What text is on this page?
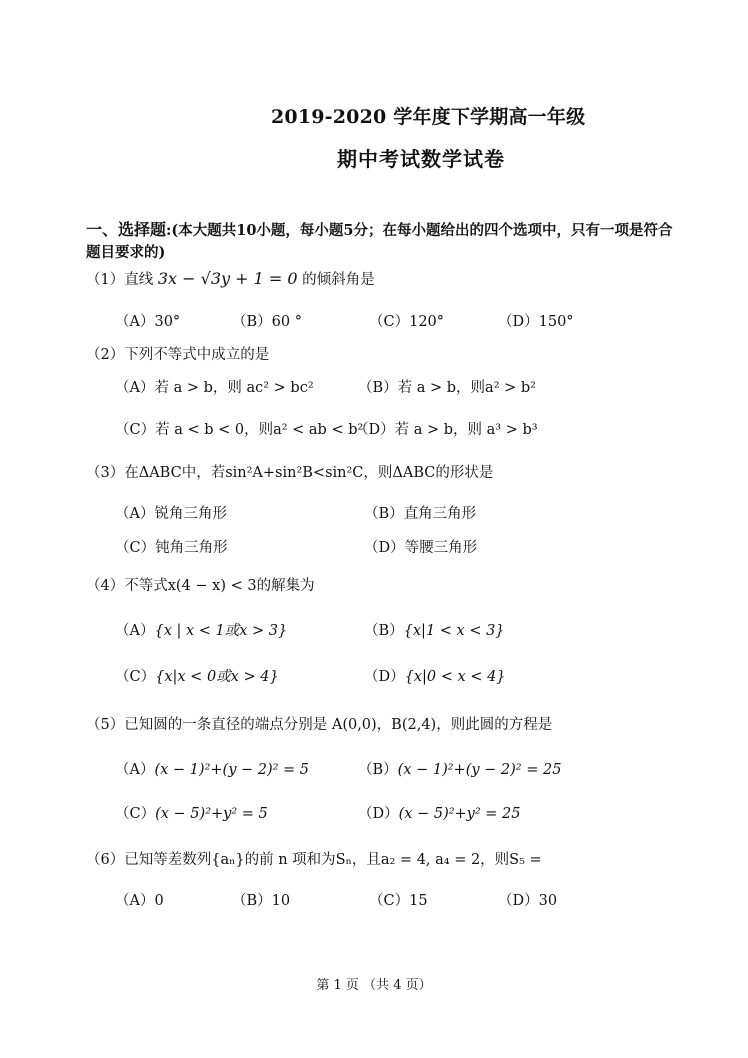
2019-2020 学年度下学期高一年级
期中考试数学试卷
一、选择题:(本大题共10小题，每小题5分；在每小题给出的四个选项中，只有一项是符合题目要求的)
（1）直线 3x − √3y + 1 = 0 的倾斜角是
（A）30°	（B）60 °	（C）120°	（D）150°
（2）下列不等式中成立的是
（A）若 a > b，则 ac² > bc²	（B）若 a > b，则a² > b²
（C）若 a < b < 0，则a² < ab < b²
（D）若 a > b，则 a³ > b³
（3）在ΔABC中，若sin²A+sin²B<sin²C，则ΔABC的形状是
（A）锐角三角形	（B）直角三角形
（C）钝角三角形	（D）等腰三角形
（4）不等式x(4 − x) < 3的解集为
（A）{x | x < 1或x > 3}	（B）{x|1 < x < 3}
（C）{x|x < 0或x > 4}	（D）{x|0 < x < 4}
（5）已知圆的一条直径的端点分别是 A(0,0)，B(2,4)，则此圆的方程是
（A）(x − 1)²+(y − 2)² = 5	（B）(x − 1)²+(y − 2)² = 25
（C）(x − 5)²+y² = 5	（D）(x − 5)²+y² = 25
（6）已知等差数列{aₙ}的前 n 项和为Sₙ，且a₂ = 4, a₄ = 2，则S₅ =
（A）0	（B）10	（C）15	（D）30
第 1 页 （共 4 页）
